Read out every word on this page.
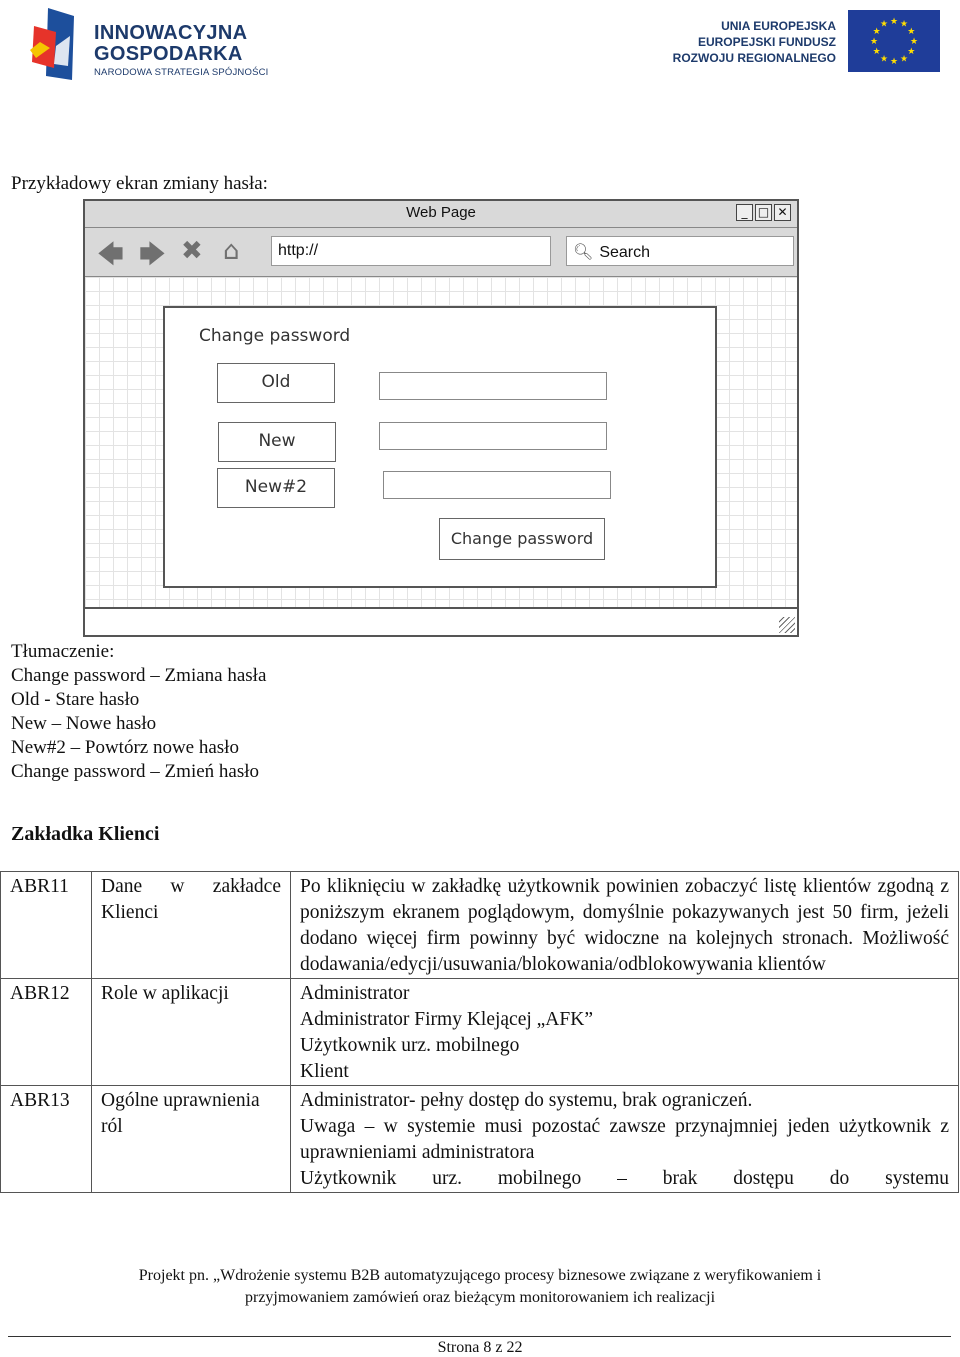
INNOWACYJNA
GOSPODARKA
NARODOWA STRATEGIA SPÓJNOŚCI
UNIA EUROPEJSKA
EUROPEJSKI FUNDUSZ
ROZWOJU REGIONALNEGO
★
★
★
★
★
★
★
★
★ ★ ★
★
Przykładowy ekran zmiany hasła:
Web Page	_ □ ✕
🡄 🡆 ✖ ⌂	http://	🔍︎ Search
Change password
Old
New
New#2
Change password
Tłumaczenie:
Change password – Zmiana hasła
Old - Stare hasło
New – Nowe hasło
New#2 – Powtórz nowe hasło
Change password – Zmień hasło
Zakładka Klienci
ABR11	Dane w zakładce Klienci	Po kliknięciu w zakładkę użytkownik powinien zobaczyć listę klientów zgodną z poniższym ekranem poglądowym, domyślnie pokazywanych jest 50 firm, jeżeli dodano więcej firm powinny być widoczne na kolejnych stronach. Możliwość dodawania/edycji/usuwania/blokowania/odblokowywania klientów
ABR12	Role w aplikacji	Administrator
Administrator Firmy Klejącej „AFK”
Użytkownik urz. mobilnego
Klient

ABR13	Ogólne uprawnienia ról	Administrator- pełny dostęp do systemu, brak ograniczeń.
Uwaga – w systemie musi pozostać zawsze przynajmniej jeden użytkownik z uprawnieniami administratora
Użytkownik urz. mobilnego – brak dostępu do systemu
Projekt pn. „Wdrożenie systemu B2B automatyzującego procesy biznesowe związane z weryfikowaniem i
przyjmowaniem zamówień oraz bieżącym monitorowaniem ich realizacji
Strona 8 z 22
